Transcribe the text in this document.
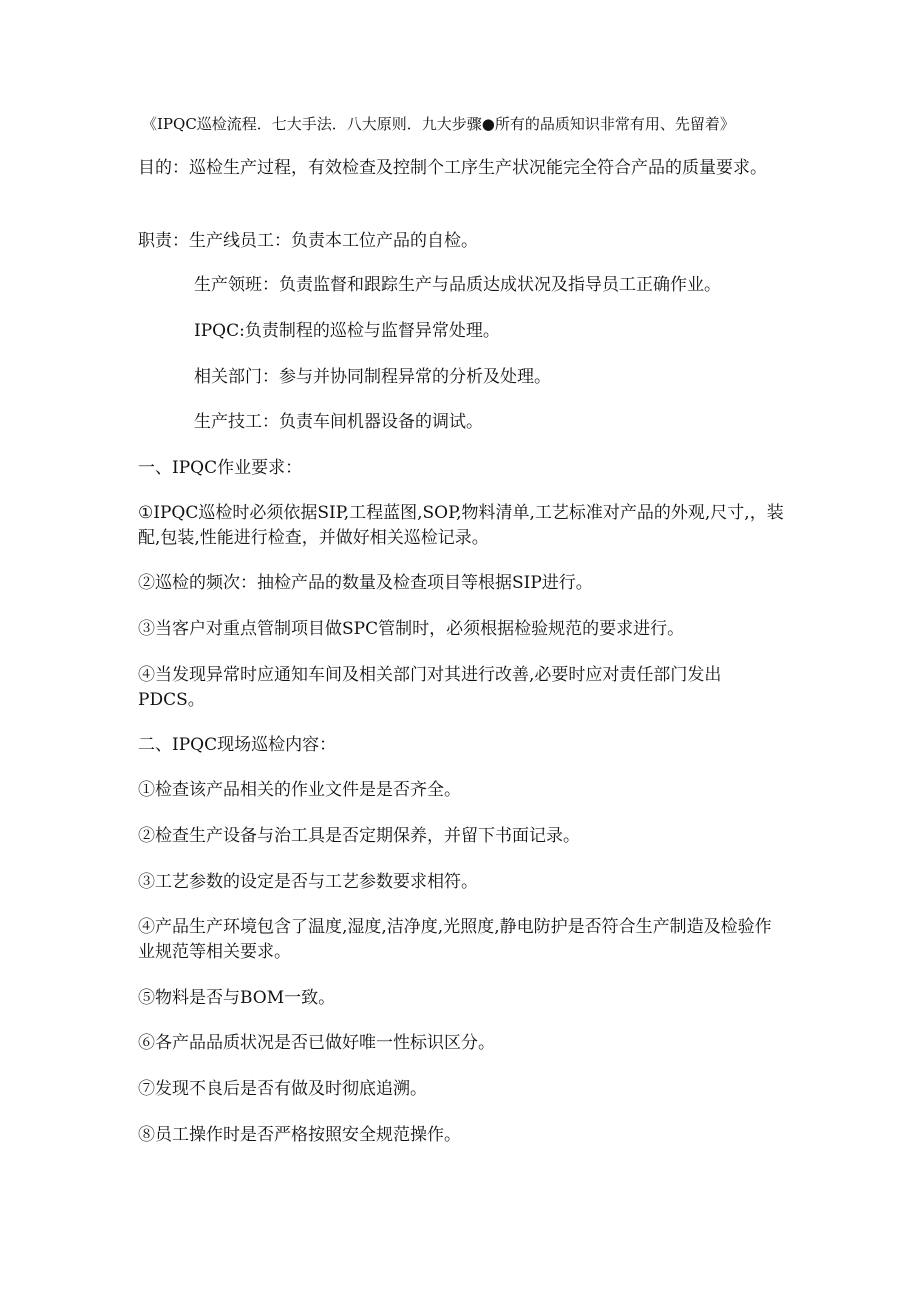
《IPQC巡检流程．七大手法．八大原则．九大步骤●所有的品质知识非常有用、先留着》

目的：巡检生产过程，有效检查及控制个工序生产状况能完全符合产品的质量要求。

职责：生产线员工：负责本工位产品的自检。

生产领班：负责监督和跟踪生产与品质达成状况及指导员工正确作业。

IPQC:负责制程的巡检与监督异常处理。

相关部门：参与并协同制程异常的分析及处理。

生产技工：负责车间机器设备的调试。

一、IPQC作业要求：

①IPQC巡检时必须依据SIP,工程蓝图,SOP,物料清单,工艺标准对产品的外观,尺寸,，装配,包装,性能进行检查，并做好相关巡检记录。

②巡检的频次：抽检产品的数量及检查项目等根据SIP进行。

③当客户对重点管制项目做SPC管制时，必须根据检验规范的要求进行。

④当发现异常时应通知车间及相关部门对其进行改善,必要时应对责任部门发出PDCS。

二、IPQC现场巡检内容：

①检查该产品相关的作业文件是是否齐全。

②检查生产设备与治工具是否定期保养，并留下书面记录。

③工艺参数的设定是否与工艺参数要求相符。

④产品生产环境包含了温度,湿度,洁净度,光照度,静电防护是否符合生产制造及检验作业规范等相关要求。

⑤物料是否与BOM一致。

⑥各产品品质状况是否已做好唯一性标识区分。

⑦发现不良后是否有做及时彻底追溯。

⑧员工操作时是否严格按照安全规范操作。
